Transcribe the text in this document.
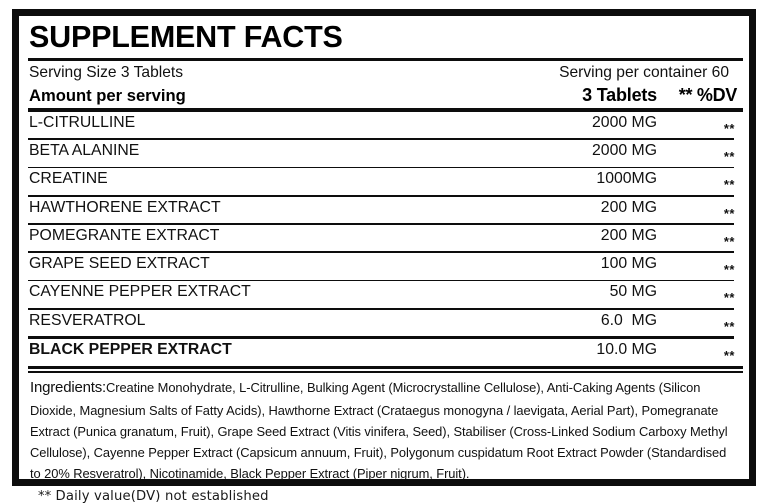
SUPPLEMENT FACTS
Serving Size 3 Tablets	Serving per container 60
Amount per serving	3 Tablets	** %DV
L-CITRULLINE	2000 MG	**
BETA ALANINE	2000 MG	**
CREATINE	1000MG	**
HAWTHORENE EXTRACT	200 MG	**
POMEGRANTE EXTRACT	200 MG	**
GRAPE SEED EXTRACT	100 MG	**
CAYENNE PEPPER EXTRACT	50 MG	**
RESVERATROL	6.0  MG	**
BLACK PEPPER EXTRACT	10.0 MG	**
Ingredients:Creatine Monohydrate, L-Citrulline, Bulking Agent (Microcrystalline Cellulose), Anti-Caking Agents (Silicon Dioxide, Magnesium Salts of Fatty Acids), Hawthorne Extract (Crataegus monogyna / laevigata, Aerial Part), Pomegranate Extract (Punica granatum, Fruit), Grape Seed Extract (Vitis vinifera, Seed), Stabiliser (Cross-Linked Sodium Carboxy Methyl Cellulose), Cayenne Pepper Extract (Capsicum annuum, Fruit), Polygonum cuspidatum Root Extract Powder (Standardised to 20% Resveratrol), Nicotinamide, Black Pepper Extract (Piper nigrum, Fruit).
** Daily value(DV) not established
